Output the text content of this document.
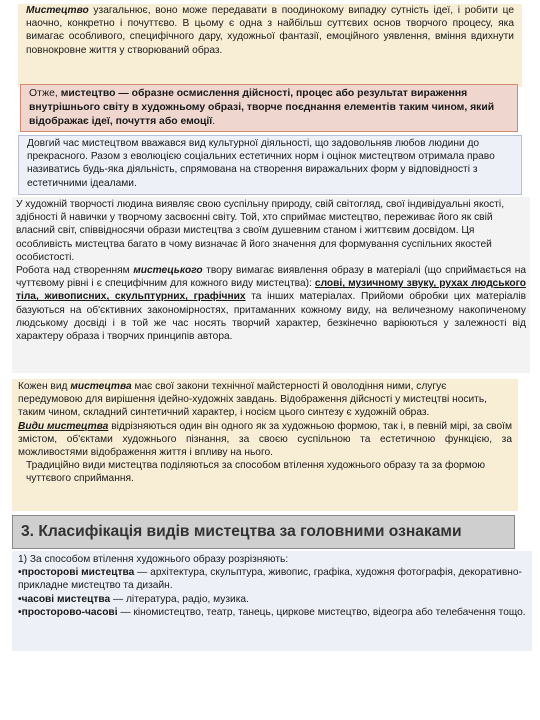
Мистецтво узагальнює, воно може передавати в поодинокому випадку сутність ідеї, і робити це наочно, конкретно і почуттєво. В цьому є одна з найбільш суттєвих основ творчого процесу, яка вимагає особливого, специфічного дару, художньої фантазії, емоційного уявлення, вміння вдихнути повнокровне життя у створюваний образ.
Отже, мистецтво — образне осмислення дійсності, процес або результат вираження внутрішнього світу в художньому образі, творче поєднання елементів таким чином, який відображає ідеї, почуття або емоції.
Довгий час мистецтвом вважався вид культурної діяльності, що задовольняв любов людини до прекрасного. Разом з еволюцією соціальних естетичних норм і оцінок мистецтвом отримала право називатись будь-яка діяльність, спрямована на створення виражальних форм у відповідності з естетичними ідеалами.
У художній творчості людина виявляє свою суспільну природу, свій світогляд, свої індивідуальні якості, здібності й навички у творчому засвоєнні світу. Той, хто сприймає мистецтво, переживає його як свій власний світ, співвідносячи образи мистецтва з своїм душевним станом і життєвим досвідом. Ця особливість мистецтва багато в чому визначає й його значення для формування суспільних якостей особистості.
Робота над створенням мистецького твору вимагає виявлення образу в матеріалі (що сприймається на чуттєвому рівні і є специфічним для кожного виду мистецтва): слові, музичному звуку, рухах людського тіла, живописних, скульптурних, графічних та інших матеріалах. Прийоми обробки цих матеріалів базуються на об'єктивних закономірностях, притаманних кожному виду, на величезному накопиченому людському досвіді і в той же час носять творчий характер, безкінечно варіюються у залежності від характеру образа і творчих принципів автора.
Кожен вид мистецтва має свої закони технічної майстерності й оволодіння ними, слугує передумовою для вирішення ідейно-художніх завдань. Відображення дійсності у мистецтві носить, таким чином, складний синтетичний характер, і носієм цього синтезу є художній образ.
Види мистецтва відрізняються один він одного як за художньою формою, так і, в певній мірі, за своїм змістом, об'єктами художнього пізнання, за своєю суспільною та естетичною функцією, за можливостями відображення життя і впливу на нього.
Традиційно види мистецтва поділяються за способом втілення художнього образу та за формою чуттєвого сприймання.
3. Класифікація видів мистецтва за головними ознаками
1) За способом втілення художнього образу розрізняють:
•просторові мистецтва — архітектура, скульптура, живопис, графіка, художня фотографія, декоративно-прикладне мистецтво та дизайн.
•часові мистецтва — література, радіо, музика.
•просторово-часові — кіномистецтво, театр, танець, циркове мистецтво, відеогра або телебачення тощо.
